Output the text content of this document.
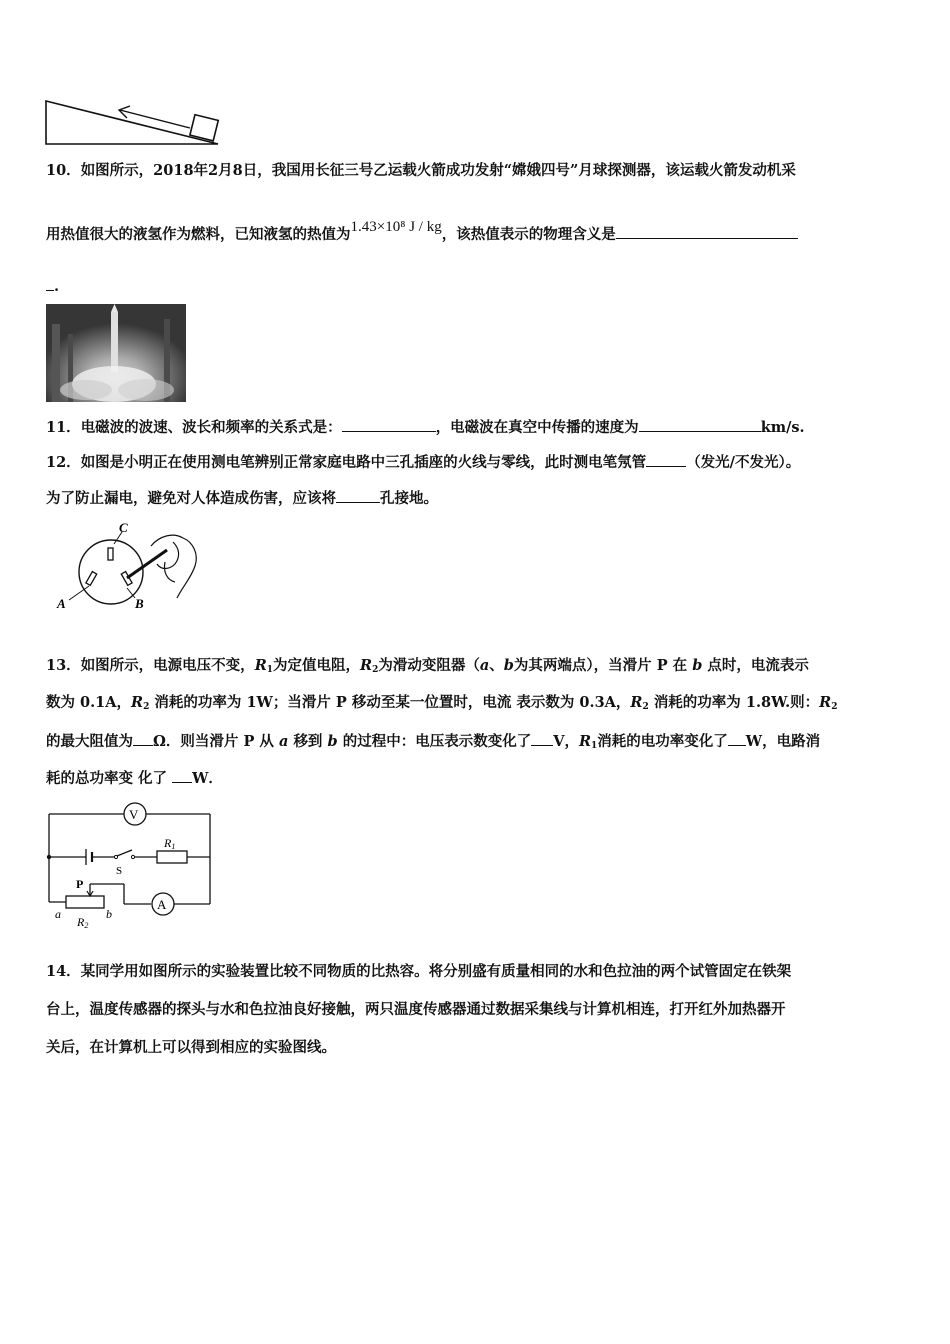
10．如图所示，2018年2月8日，我国用长征三号乙运载火箭成功发射“嫦娥四号”月球探测器，该运载火箭发动机采
用热值很大的液氢作为燃料，已知液氢的热值为1.43×10⁸ J / kg，该热值表示的物理含义是
.
11．电磁波的波速、波长和频率的关系式是：	，电磁波在真空中传播的速度为	km/s.
12．如图是小明正在使用测电笔辨别正常家庭电路中三孔插座的火线与零线，此时测电笔氖管	（发光/不发光）。
为了防止漏电，避免对人体造成伤害，应该将	孔接地。
C
A	B
13．如图所示，电源电压不变，$R_1$为定值电阻，$R_2$为滑动变阻器（a、b为其两端点），当滑片 P 在 b 点时，电流表示
数为 0.1A，$R_2$ 消耗的功率为 1W；当滑片 P 移动至某一位置时，电流 表示数为 0.3A，$R_2$ 消耗的功率为 1.8W.则：$R_2$
的最大阻值为 Ω．则当滑片 P 从 a 移到 b 的过程中：电压表示数变化了 V，$R_1$消耗的电功率变化了 W，电路消
耗的总功率变 化了 W．
V
S
R1
A
P
a	b
R2
14．某同学用如图所示的实验装置比较不同物质的比热容。将分别盛有质量相同的水和色拉油的两个试管固定在铁架
台上，温度传感器的探头与水和色拉油良好接触，两只温度传感器通过数据采集线与计算机相连，打开红外加热器开
关后，在计算机上可以得到相应的实验图线。
